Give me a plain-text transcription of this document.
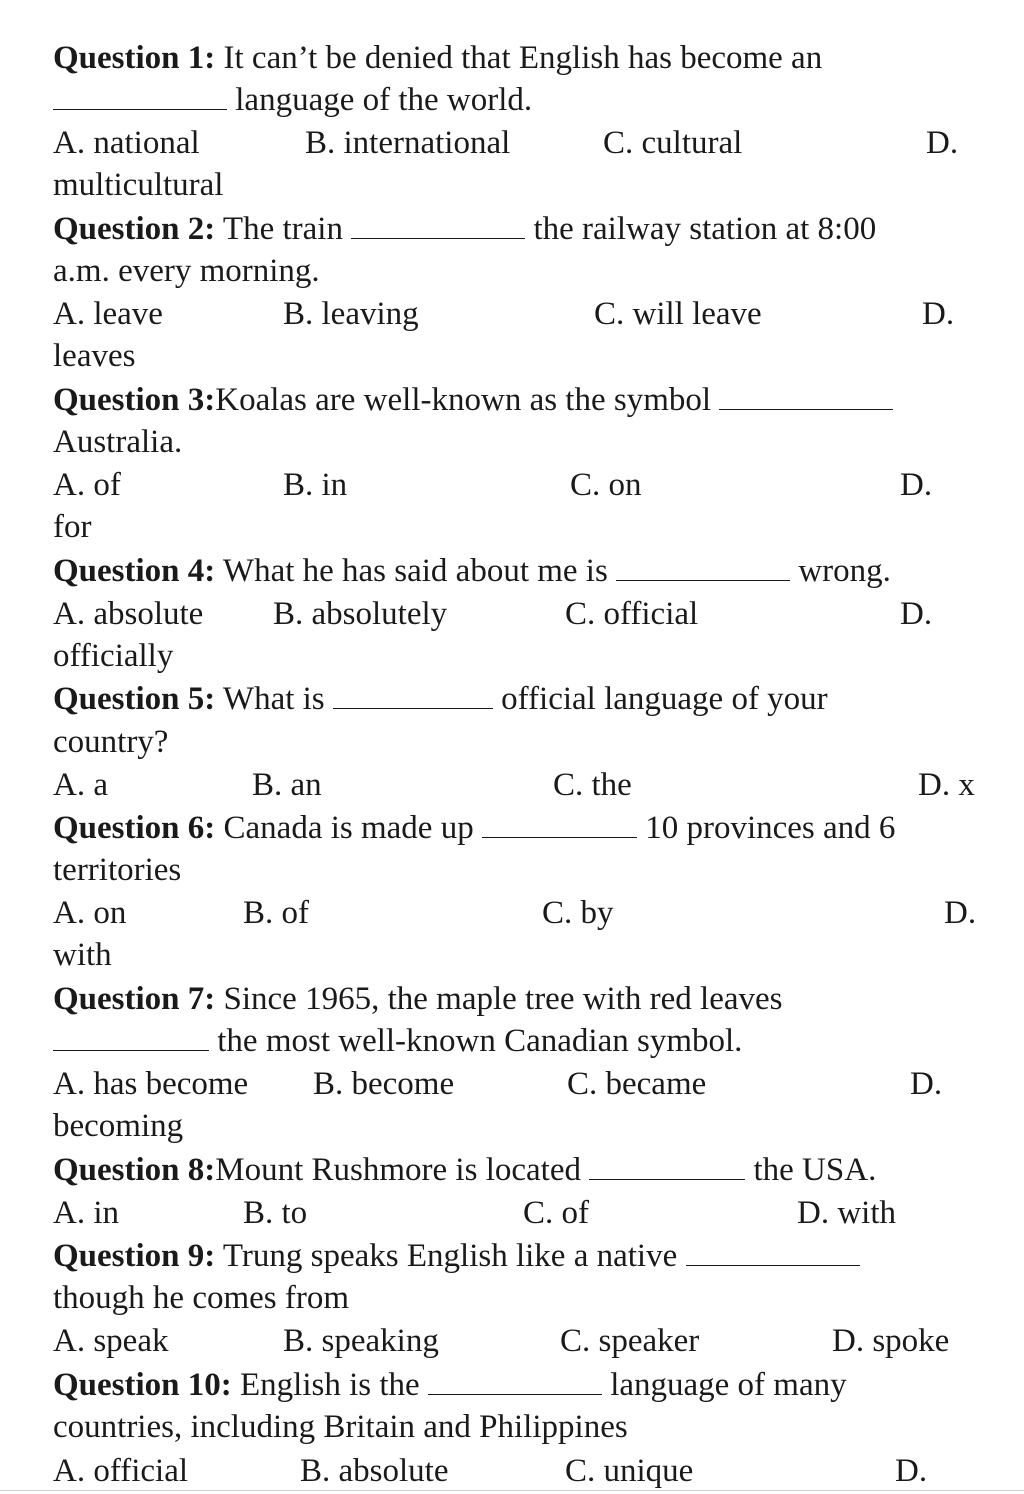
Question 1: It can’t be denied that English has become an
language of the world.
A. national	B. international	C. cultural	D.
multicultural
Question 2: The train	the railway station at 8:00
a.m. every morning.
A. leave	B. leaving	C. will leave	D.
leaves
Question 3:Koalas are well-known as the symbol
Australia.
A. of	B. in	C. on	D.
for
Question 4: What he has said about me is	wrong.
A. absolute B. absolutely	C. official	D.
officially
Question 5: What is	official language of your
country?
A. a	B. an	C. the	D. x
Question 6: Canada is made up	10 provinces and 6
territories
A. on	B. of	C. by	D.
with
Question 7: Since 1965, the maple tree with red leaves
the most well-known Canadian symbol.
A. has become B. become	C. became	D.
becoming
Question 8:Mount Rushmore is located	the USA.
A. in	B. to	C. of	D. with
Question 9: Trung speaks English like a native
though he comes from
A. speak	B. speaking	C. speaker	D. spoke
Question 10: English is the	language of many
countries, including Britain and Philippines
A. official	B. absolute	C. unique	D.
